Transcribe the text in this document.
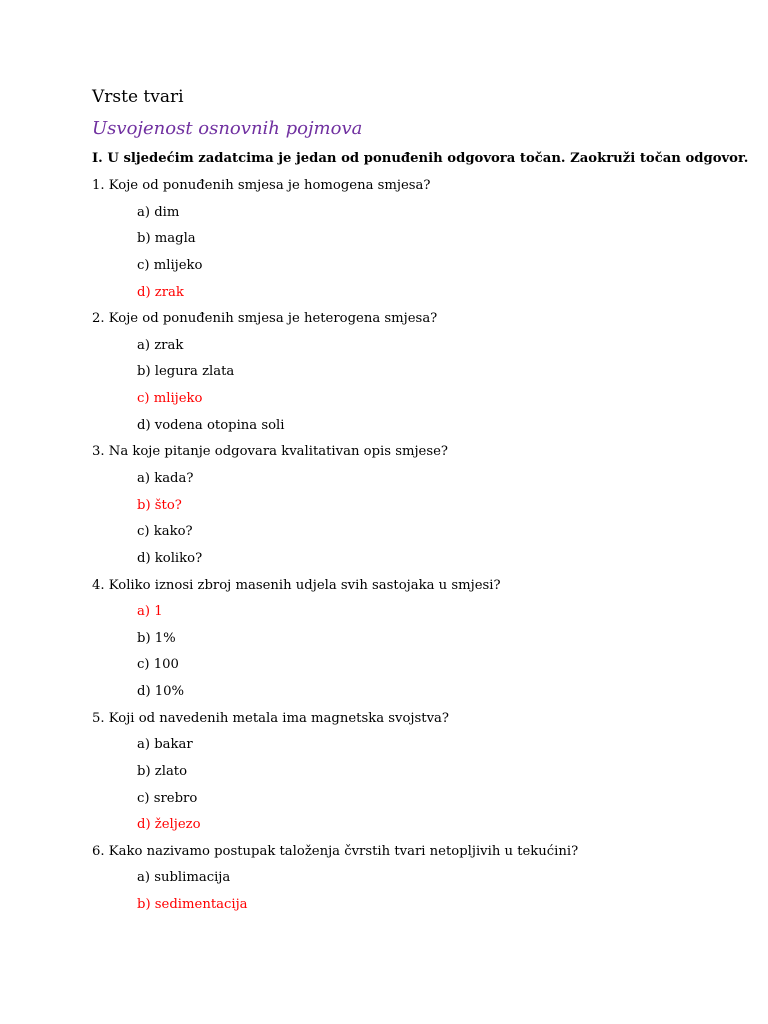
Vrste tvari
Usvojenost osnovnih pojmova
I. U sljedećim zadatcima je jedan od ponuđenih odgovora točan. Zaokruži točan odgovor.
1. Koje od ponuđenih smjesa je homogena smjesa?
a) dim
b) magla
c) mlijeko
d) zrak
2. Koje od ponuđenih smjesa je heterogena smjesa?
a) zrak
b) legura zlata
c) mlijeko
d) vodena otopina soli
3. Na koje pitanje odgovara kvalitativan opis smjese?
a) kada?
b) što?
c) kako?
d) koliko?
4. Koliko iznosi zbroj masenih udjela svih sastojaka u smjesi?
a) 1
b) 1%
c) 100
d) 10%
5. Koji od navedenih metala ima magnetska svojstva?
a) bakar
b) zlato
c) srebro
d) željezo
6. Kako nazivamo postupak taloženja čvrstih tvari netopljivih u tekućini?
a) sublimacija
b) sedimentacija
